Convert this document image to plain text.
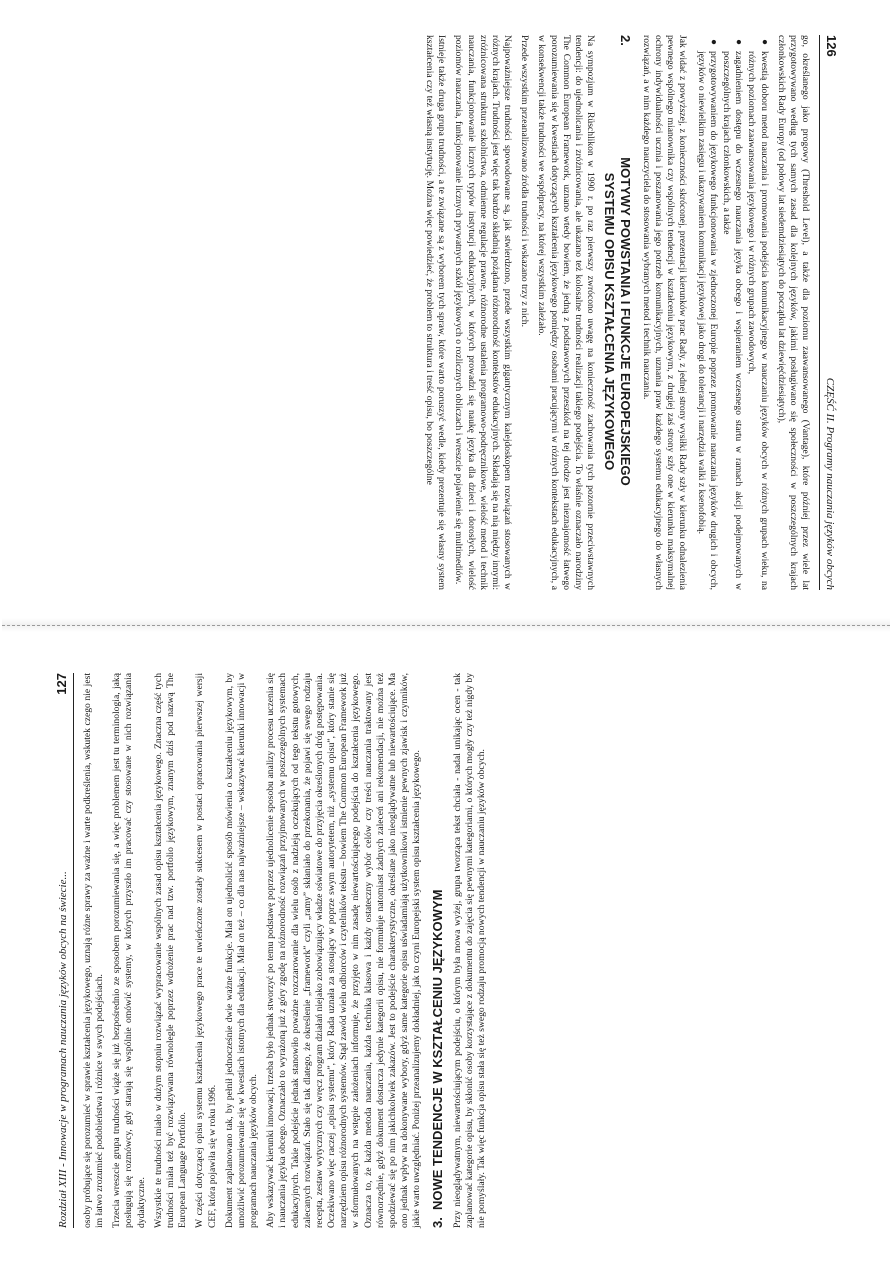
126
CZĘŚĆ II. Programy nauczania języków obcych

go, określanego jako progowy (Threshold Level), a także dla poziomu zaawansowanego (Vantage), które później przez wiele lat przygotowywano według tych samych zasad dla kolejnych języków, jakimi posługiwano się społeczności w poszczególnych krajach członkowskich Rady Europy (od połowy lat siedemdziesiątych do początku lat dziewięćdziesiątych),

●
kwestią doboru metod nauczania i promowania podejścia komunikacyjnego w nauczaniu języków obcych w różnych grupach wieku, na różnych poziomach zaawansowania językowego i w różnych grupach zawodowych,
●
zagadnieniem dostępu do wczesnego nauczania języka obcego i wspieraniem wczesnego startu w ramach akcji podejmowanych w poszczególnych krajach członkowskich, a także
●
przygotowywaniem do językowego funkcjonowania w zjednoczonej Europie poprzez promowanie nauczania języków drugich i obcych, języków o niewielkim zasięgu i ukazywaniem komunikacji językowej jako drogi do tolerancji i narzędzia walki z ksenofobią.

Jak widać z powyższej, z konieczności skróconej, prezentacji kierunków prac Rady, z jednej strony wysiłki Rady szły w kierunku odnalezienia pewnego wspólnego mianownika czy wspólnych tendencji w kształceniu językowym, z drugiej zaś strony szły one w kierunku maksymalnej ochrony indywidualności ucznia i poszanowania jego potrzeb komunikacyjnych, uznania praw każdego systemu edukacyjnego do własnych rozwiązań, a w nim każdego nauczyciela do stosowania wybranych metod i technik nauczania.

2.
MOTYWY POWSTANIA I FUNKCJE EUROPEJSKIEGO
SYSTEMU OPISU KSZTAŁCENIA JĘZYKOWEGO

Na sympozjum w Rüschlikon w 1990 r. po raz pierwszy zwrócono uwagę na konieczność zachowania tych pozornie przeciwstawnych tendencji: do ujednolicania i zróżnicowania, ale ukazano też kolosalne trudności realizacji takiego podejścia. To właśnie oznaczało narodziny The Common European Framework, uznano wtedy bowiem, że jedną z podstawowych przeszkód na tej drodze jest nieznajomość łatwego porozumiewania się w kwestiach dotyczących kształcenia językowego pomiędzy osobami pracującymi w różnych kontekstach edukacyjnych, a w konsekwencji także trudności we współpracy, na której wszystkim zależało.

Przede wszystkim przeanalizowano źródła trudności i wskazano trzy z nich.

Najpoważniejsze trudności spowodowane są, jak stwierdzono, przede wszystkim gigantycznym kalejdoskopem rozwiązań stosowanych w różnych krajach. Trudności jest więc tak bardzo składnią pożądana różnorodność kontekstów edukacyjnych. Składają się na nią między innymi: zróżnicowana struktura szkolnictwa, odmienne regulacje prawne, różnorodne ustalenia programowo-podręcznikowe, wielość metod i technik nauczania, funkcjonowanie licznych typów instytucji edukacyjnych, w których prowadzi się naukę języka dla dzieci i dorosłych, wielość poziomów nauczania, funkcjonowanie licznych prywatnych szkół językowych o rozlicznych obliczach i wreszcie pojawienie się multimediów.

Istnieje także druga grupa trudności, a te związane są z wyborem tych spraw, które warto poruszyć wedle, kiedy prezentuje się własny system kształcenia czy też własną instytucję. Można więc powiedzieć, że problem to struktura i treść opisu, bo poszczególne

Rozdział XIII - Innowacje w programach nauczania języków obcych na świecie...
127 osoby próbujące się porozumieć w sprawie kształcenia językowego, uznają różne sprawy za ważne i warte podkreślenia, wskutek czego nie jest im łatwo zrozumieć podobieństwa i różnice w swych podejściach. Trzecia wreszcie grupa trudności wiąże się już bezpośrednio ze sposobem porozumiewania się, a więc problemem jest tu terminologia, jaką posługują się rozmówcy, gdy starają się wspólnie omówić systemy, w których przyszło im pracować czy stosowane w nich rozwiązania dydaktyczne. Wszystkie te trudności miało w dużym stopniu rozwiązać wypracowanie wspólnych zasad opisu kształcenia językowego. Znaczna część tych trudności miała też być rozwiązywana równolegle poprzez wdrożenie prac nad tzw. portfolio językowym, znanym dziś pod nazwą The European Language Portfolio. W części dotyczącej opisu systemu kształcenia językowego prace te uwieńczone zostały sukcesem w postaci opracowania pierwszej wersji CEF, która pojawiła się w roku 1996. Dokument zaplanowano tak, by pełnił jednocześnie dwie ważne funkcje. Miał on ujednolicić sposób mówienia o kształceniu językowym, by umożliwić porozumiewanie się w kwestiach istotnych dla edukacji. Miał on też – co dla nas najważniejsze – wskazywać kierunki innowacji w programach nauczania języków obcych. Aby wskazywać kierunki innowacji, trzeba było jednak stworzyć po temu podstawę poprzez ujednolicenie sposobu analizy procesu uczenia się i nauczania języka obcego. Oznaczało to wyrażoną już z góry zgodę na różnorodność rozwiązań przyjmowanych w poszczególnych systemach edukacyjnych. Takie podejście jednak stanowiło poważne rozczarowanie dla wielu osób z nadzieją oczekujących od tego tekstu gotowych, zalecanych rozwiązań. Stało się tak dlatego, że określenie „framework” czyli „ramy” skłaniało do przekonania, że pojawi się swego rodzaju recepta, zestaw wytycznych czy wręcz program działań niejako zobowiązujący władze oświatowe do przyjęcia określonych dróg postępowania. Oczekiwano więc raczej „opisu systemu”, który Rada uznała za stosujący w poprze swym autorytetem, niż „systemu opisu”, który stanie się narzędziem opisu różnorodnych systemów. Stąd zawód wielu odbiorców i czytelników tekstu – bowiem The Common European Framework już w sformułowanych na wstępie założeniach informuje, że przyjęto w nim zasadę niewartościującego podejścia do kształcenia językowego. Oznacza to, że każda metoda nauczania, każda technika klasowa i każdy ostateczny wybór celów czy treści nauczania traktowany jest równorzędnie, gdyż dokument dostarcza jedynie kategorii opisu, nie formułuje natomiast żadnych zaleceń ani rekomendacji, nie można też spodziewać się po nim jakichkolwiek zakazów. Jest to podejście charakterystyczne, określane jako nieoglądywatne lub niewartościujące. Ma ono jednak wpływ na dokonywane wybory, gdyż same kategorie opisu uświadamiają użytkownikowi istnienie pewnych zjawisk i czynników, jakie warto uwzględniać. Poniżej przeanalizujemy dokładniej, jak to czyni Europejski system opisu kształcenia językowego. 3.
NOWE TENDENCJE W KSZTAŁCENIU JĘZYKOWYM Przy nieoglądywatnym, niewartościującym podejściu, o którym była mowa wyżej, grupa tworząca tekst chciała - nadal unikając ocen - tak zaplanować kategorie opisu, by skłonić osoby korzystające z dokumentu do zajęcia się pewnymi kategoriami, o których mogły czy też nigdy by nie pomyślały. Tak więc funkcja opisu stała się też swego rodzaju promocją nowych tendencji w nauczaniu języków obcych.
